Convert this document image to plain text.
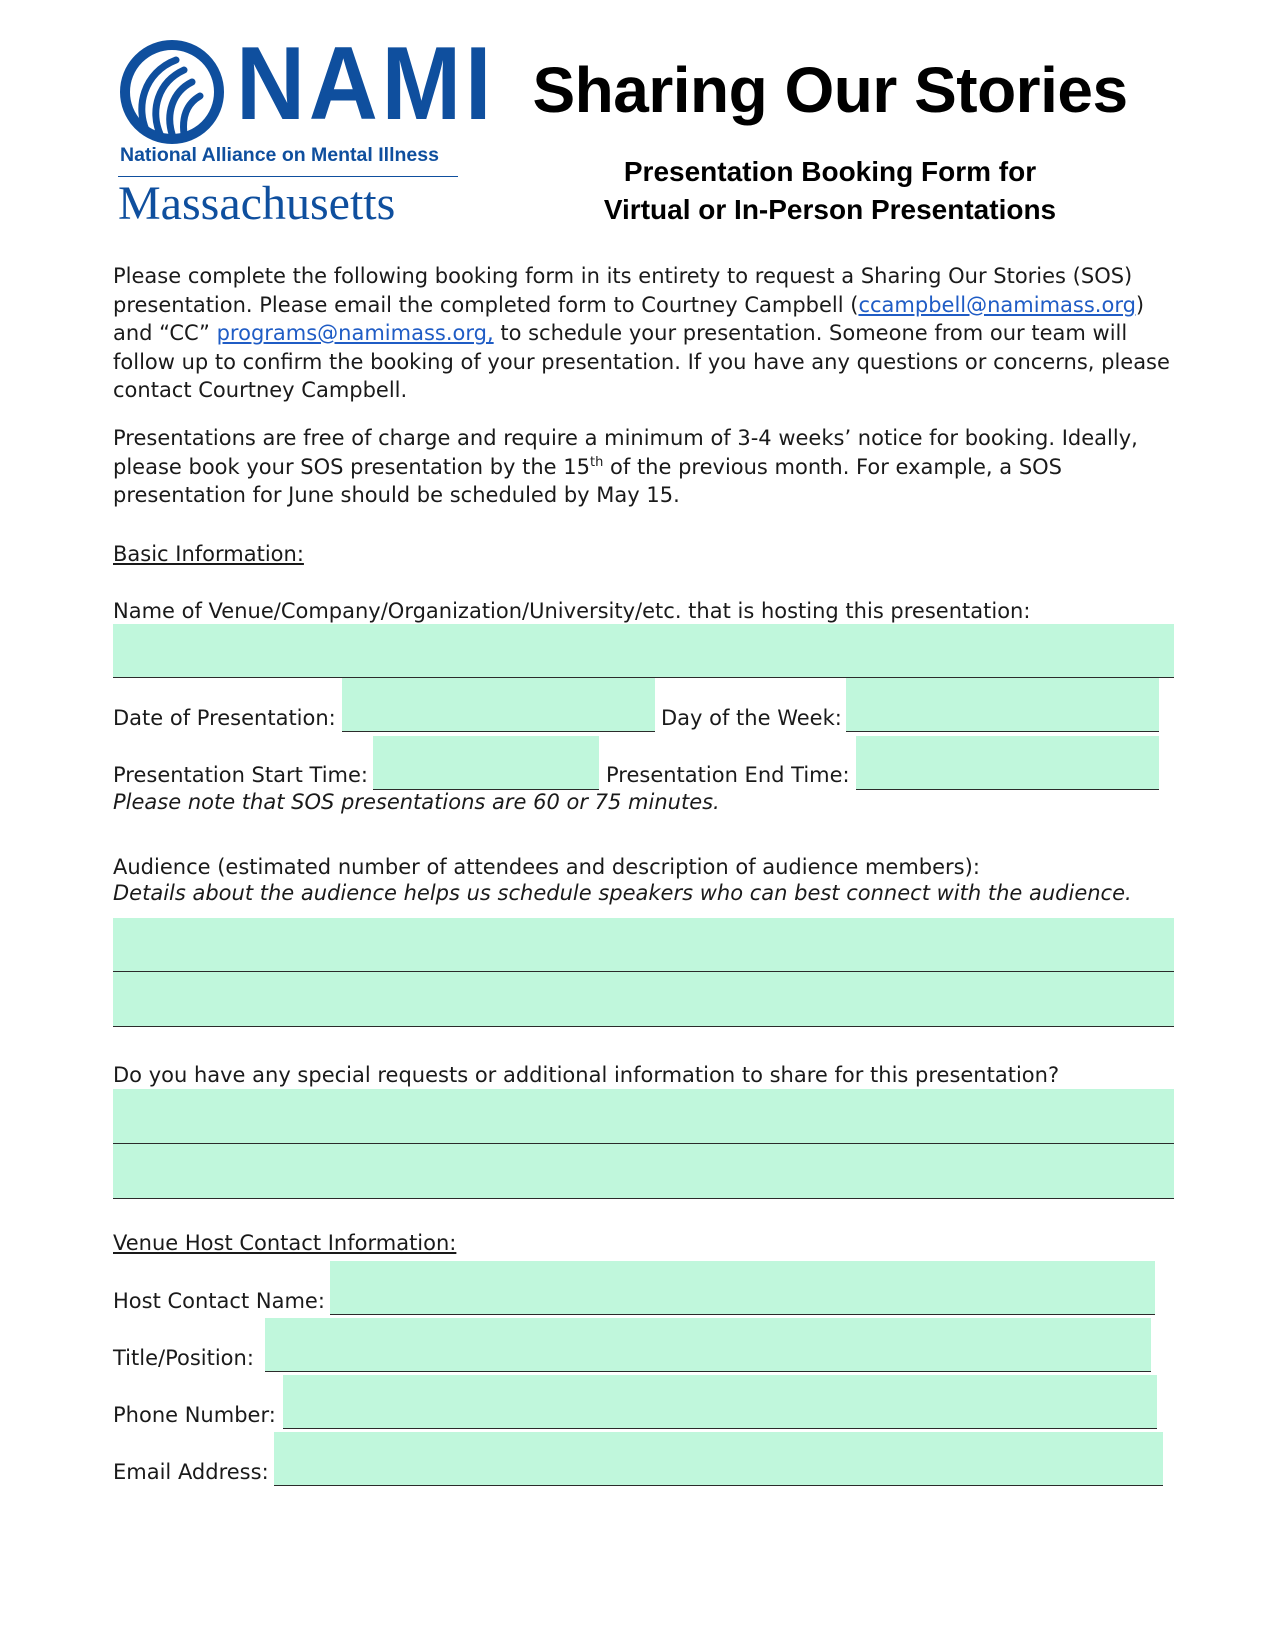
NAMI
National Alliance on Mental Illness
Massachusetts
Sharing Our Stories
Presentation Booking Form for
Virtual or In-Person Presentations

Please complete the following booking form in its entirety to request a Sharing Our Stories (SOS) presentation. Please email the completed form to Courtney Campbell (ccampbell@namimass.org) and “CC” programs@namimass.org, to schedule your presentation. Someone from our team will follow up to confirm the booking of your presentation. If you have any questions or concerns, please contact Courtney Campbell.

Presentations are free of charge and require a minimum of 3-4 weeks’ notice for booking. Ideally, please book your SOS presentation by the 15th of the previous month. For example, a SOS presentation for June should be scheduled by May 15.

Basic Information:

Name of Venue/Company/Organization/University/etc. that is hosting this presentation:
Date of Presentation:	Day of the Week:
Presentation Start Time:	Presentation End Time:
Please note that SOS presentations are 60 or 75 minutes.
Audience (estimated number of attendees and description of audience members):
Details about the audience helps us schedule speakers who can best connect with the audience.
Do you have any special requests or additional information to share for this presentation?

Venue Host Contact Information:

Host Contact Name:
Title/Position:
Phone Number:
Email Address:
